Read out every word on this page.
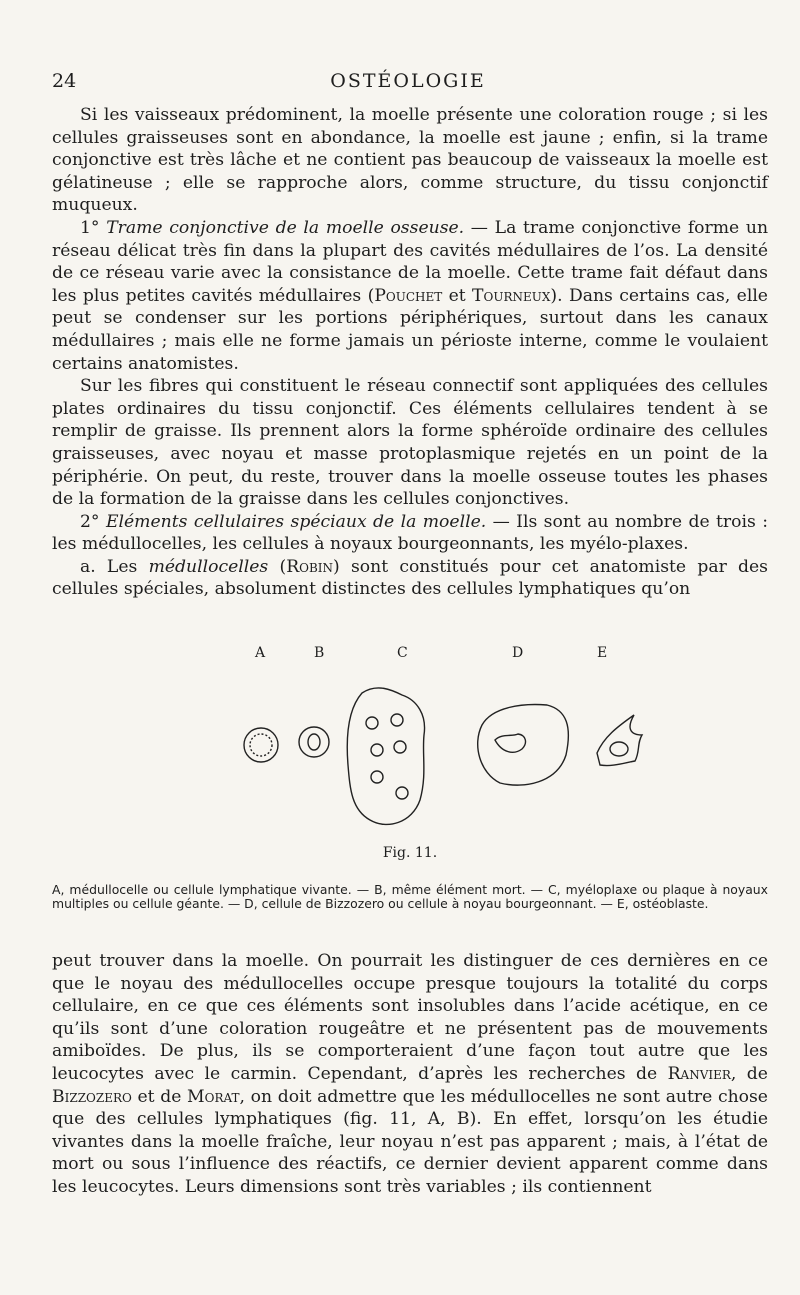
24	OSTÉOLOGIE

Si les vaisseaux prédominent, la moelle présente une coloration rouge ; si les cellules graisseuses sont en abondance, la moelle est jaune ; enfin, si la trame conjonctive est très lâche et ne contient pas beaucoup de vaisseaux la moelle est gélatineuse ; elle se rapproche alors, comme structure, du tissu conjonctif muqueux.

1° Trame conjonctive de la moelle osseuse. — La trame conjonctive forme un réseau délicat très fin dans la plupart des cavités médullaires de l’os. La densité de ce réseau varie avec la consistance de la moelle. Cette trame fait défaut dans les plus petites cavités médullaires (Pouchet et Tourneux). Dans certains cas, elle peut se condenser sur les portions périphériques, surtout dans les canaux médullaires ; mais elle ne forme jamais un périoste interne, comme le voulaient certains anatomistes.

Sur les fibres qui constituent le réseau connectif sont appliquées des cellules plates ordinaires du tissu conjonctif. Ces éléments cellulaires tendent à se remplir de graisse. Ils prennent alors la forme sphéroïde ordinaire des cellules graisseuses, avec noyau et masse protoplasmique rejetés en un point de la périphérie. On peut, du reste, trouver dans la moelle osseuse toutes les phases de la formation de la graisse dans les cellules conjonctives.

2° Eléments cellulaires spéciaux de la moelle. — Ils sont au nombre de trois : les médullocelles, les cellules à noyaux bourgeonnants, les myélo-plaxes.

a. Les médullocelles (Robin) sont constitués pour cet anatomiste par des cellules spéciales, absolument distinctes des cellules lymphatiques qu’on

A	B	C	D	E
Fig. 11.
A, médullocelle ou cellule lymphatique vivante. — B, même élément mort. — C, myéloplaxe ou plaque à noyaux multiples ou cellule géante. — D, cellule de Bizzozero ou cellule à noyau bourgeonnant. — E, ostéoblaste.

peut trouver dans la moelle. On pourrait les distinguer de ces dernières en ce que le noyau des médullocelles occupe presque toujours la totalité du corps cellulaire, en ce que ces éléments sont insolubles dans l’acide acétique, en ce qu’ils sont d’une coloration rougeâtre et ne présentent pas de mouvements amiboïdes. De plus, ils se comporteraient d’une façon tout autre que les leucocytes avec le carmin. Cependant, d’après les recherches de Ranvier, de Bizzozero et de Morat, on doit admettre que les médullocelles ne sont autre chose que des cellules lymphatiques (fig. 11, A, B). En effet, lorsqu’on les étudie vivantes dans la moelle fraîche, leur noyau n’est pas apparent ; mais, à l’état de mort ou sous l’influence des réactifs, ce dernier devient apparent comme dans les leucocytes. Leurs dimensions sont très variables ; ils contiennent
